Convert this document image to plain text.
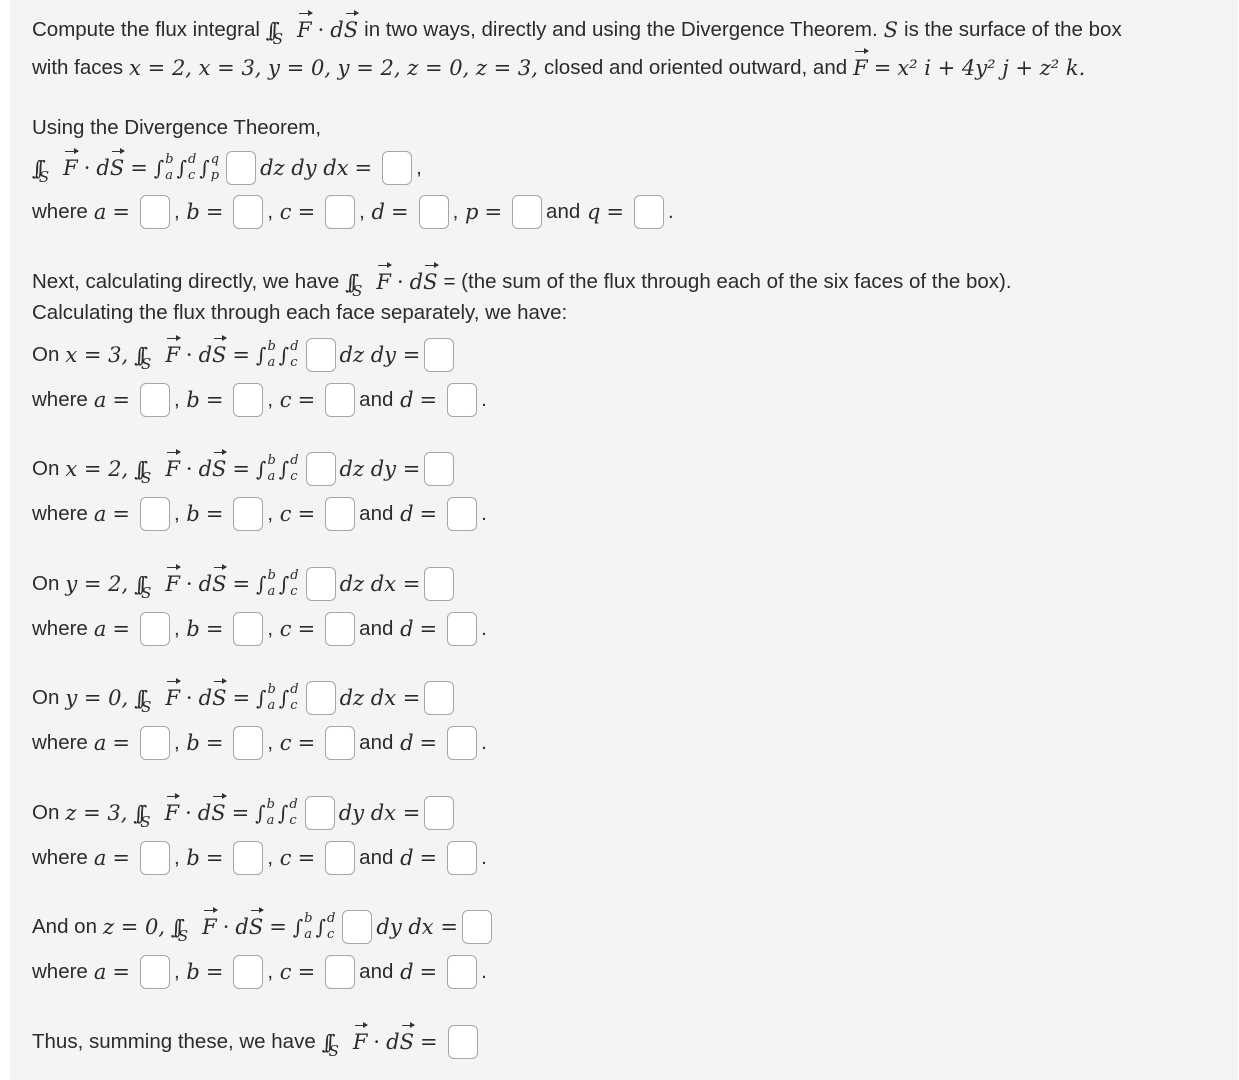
Compute the flux integral $\int\int_S$ F · d S in two ways, directly and using the Divergence Theorem. S is the surface of the box
with faces x = 2, x = 3, y = 0, y = 2, z = 0, z = 3, closed and oriented outward, and F = x² i + 4y² j + z² k.
Using the Divergence Theorem,
$\int\int_S$ F · d S = ∫ b
a ∫ d
c ∫ q
p dz dy dx = ,
where a = , b = , c = , d = , p = and q = .
Next, calculating directly, we have $\int\int_S$ F · d S = (the sum of the flux through each of the six faces of the box).
Calculating the flux through each face separately, we have:
On x = 3, $\int\int_S$ F · d S = ∫ b
a ∫ d
c dz dy =
where a = , b = , c = and d = .
On x = 2, $\int\int_S$ F · d S = ∫ b
a ∫ d
c dz dy =
where a = , b = , c = and d = .
On y = 2, $\int\int_S$ F · d S = ∫ b
a ∫ d
c dz dx =
where a = , b = , c = and d = .
On y = 0, $\int\int_S$ F · d S = ∫ b
a ∫ d
c dz dx =
where a = , b = , c = and d = .
On z = 3, $\int\int_S$ F · d S = ∫ b
a ∫ d
c dy dx =
where a = , b = , c = and d = .
And on z = 0, $\int\int_S$ F · d S = ∫ b
a ∫ d
c dy dx =
where a = , b = , c = and d = .
Thus, summing these, we have $\int\int_S$ F · d S =
